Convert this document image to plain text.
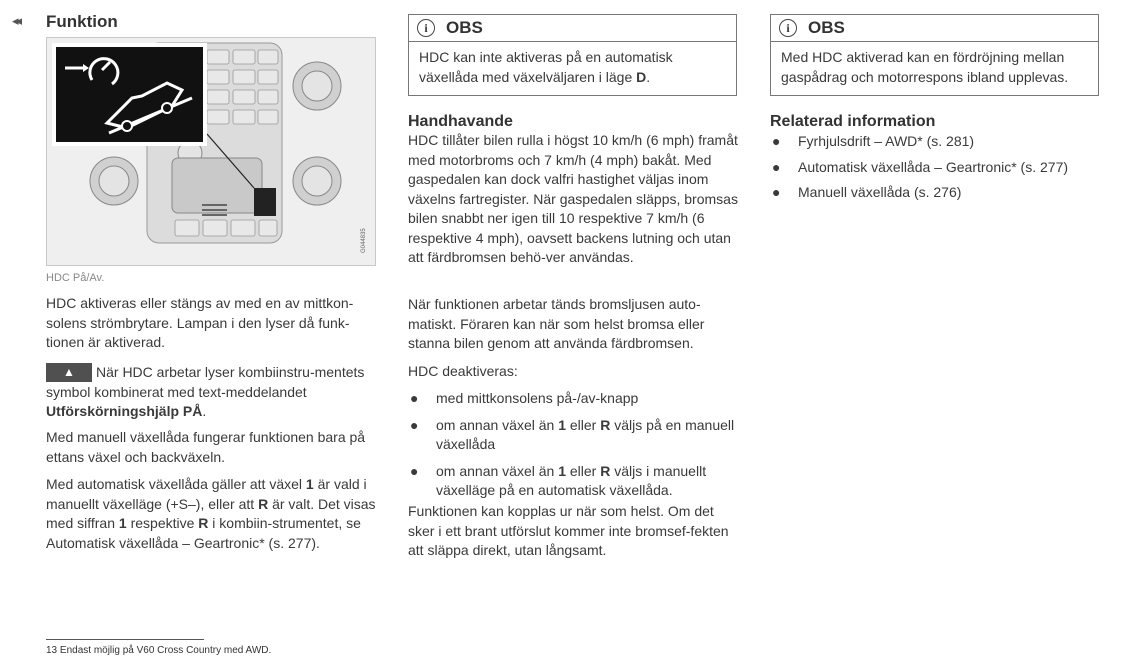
◂◂ Funktion
G044835
HDC På/Av.

HDC aktiveras eller stängs av med en av mittkon-solens strömbrytare. Lampan i den lyser då funk-tionen är aktiverad.

▲ När HDC arbetar lyser kombiinstru-mentets symbol kombinerat med text-meddelandet Utförskörningshjälp PÅ.

Med manuell växellåda fungerar funktionen bara på ettans växel och backväxeln.

Med automatisk växellåda gäller att växel 1 är vald i manuellt växelläge (+S–), eller att R är valt. Det visas med siffran 1 respektive R i kombiin-strumentet, se Automatisk växellåda – Geartronic* (s. 277).

i	OBS
HDC kan inte aktiveras på en automatisk växellåda med växelväljaren i läge D.
Handhavande

HDC tillåter bilen rulla i högst 10 km/h (6 mph) framåt med motorbroms och 7 km/h (4 mph) bakåt. Med gaspedalen kan dock valfri hastighet väljas inom växelns fartregister. När gaspedalen släpps, bromsas bilen snabbt ner igen till 10 respektive 7 km/h (6 respektive 4 mph), oavsett backens lutning och utan att färdbromsen behö-ver användas.

När funktionen arbetar tänds bromsljusen auto-matiskt. Föraren kan när som helst bromsa eller stanna bilen genom att använda färdbromsen.

HDC deaktiveras:

● med mittkonsolens på-/av-knapp
● om annan växel än 1 eller R väljs på en manuell växellåda
● om annan växel än 1 eller R väljs i manuellt växelläge på en automatisk växellåda.

Funktionen kan kopplas ur när som helst. Om det sker i ett brant utförslut kommer inte bromsef-fekten att släppa direkt, utan långsamt.

i	OBS
Med HDC aktiverad kan en fördröjning mellan gaspådrag och motorrespons ibland upplevas.
Relaterad information
● Fyrhjulsdrift – AWD* (s. 281)
● Automatisk växellåda – Geartronic* (s. 277)
● Manuell växellåda (s. 276)
13 Endast möjlig på V60 Cross Country med AWD.
